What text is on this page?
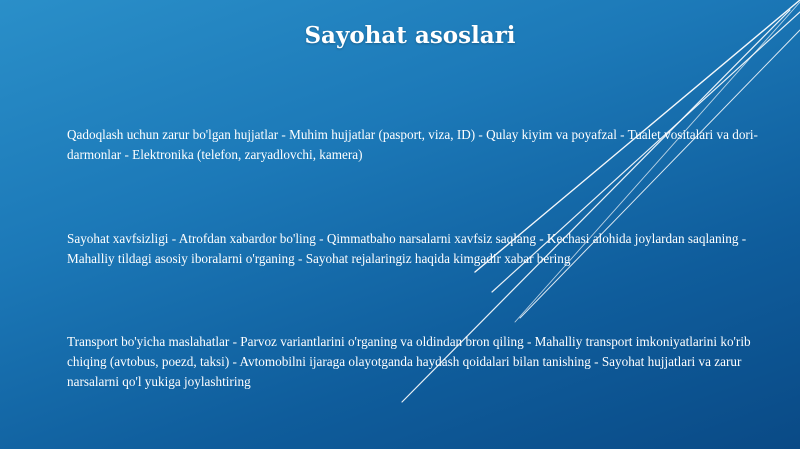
Sayohat asoslari
Qadoqlash uchun zarur bo'lgan hujjatlar - Muhim hujjatlar (pasport, viza, ID) - Qulay kiyim va poyafzal - Tualet vositalari va dori-darmonlar - Elektronika (telefon, zaryadlovchi, kamera)
Sayohat xavfsizligi - Atrofdan xabardor bo'ling - Qimmatbaho narsalarni xavfsiz saqlang - Kechasi alohida joylardan saqlaning - Mahalliy tildagi asosiy iboralarni o'rganing - Sayohat rejalaringiz haqida kimgadir xabar bering
Transport bo'yicha maslahatlar - Parvoz variantlarini o'rganing va oldindan bron qiling - Mahalliy transport imkoniyatlarini ko'rib chiqing (avtobus, poezd, taksi) - Avtomobilni ijaraga olayotganda haydash qoidalari bilan tanishing - Sayohat hujjatlari va zarur narsalarni qo'l yukiga joylashtiring
